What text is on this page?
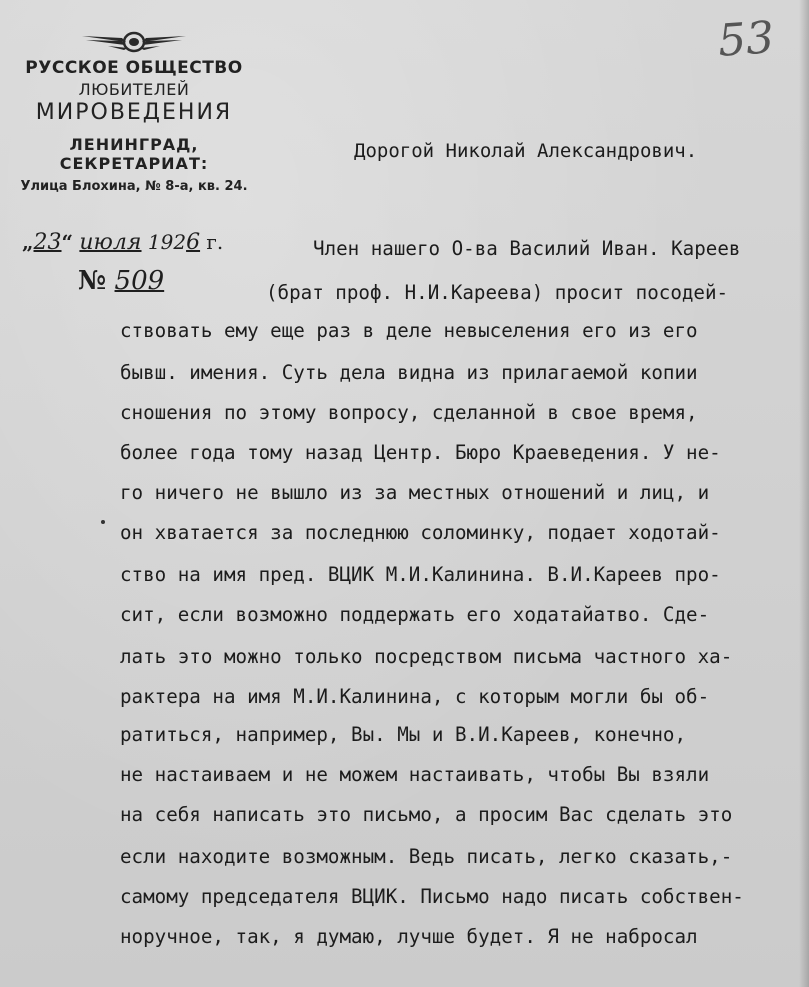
53
РУССКОЕ ОБЩЕСТВО
ЛЮБИТЕЛЕЙ
МИРОВЕДЕНИЯ
ЛЕНИНГРАД,
СЕКРЕТАРИАТ:
Улица Блохина, № 8-а, кв. 24.
„23“ июля 1926 г.
№ 509
Дорогой Николай Александрович.
Член нашего О-ва Василий Иван. Кареев
(брат проф. Н.И.Кареева) просит посодей-
ствовать ему еще раз в деле невыселения его из его
бывш. имения. Суть дела видна из прилагаемой копии
сношения по этому вопросу, сделанной в свое время,
более года тому назад Центр. Бюро Краеведения. У не-
го ничего не вышло из за местных отношений и лиц, и
он хватается за последнюю соломинку, подает ходотай-
ство на имя пред. ВЦИК М.И.Калинина. В.И.Кареев про-
сит, если возможно поддержать его ходатайатво. Сде-
лать это можно только посредством письма частного ха-
рактера на имя М.И.Калинина, с которым могли бы об-
ратиться, например, Вы. Мы и В.И.Кареев, конечно,
не настаиваем и не можем настаивать, чтобы Вы взяли
на себя написать это письмо, а просим Вас сделать это
если находите возможным. Ведь писать, легко сказать,-
самому председателя ВЦИК. Письмо надо писать собствен-
норучное, так, я думаю, лучше будет. Я не набросал
